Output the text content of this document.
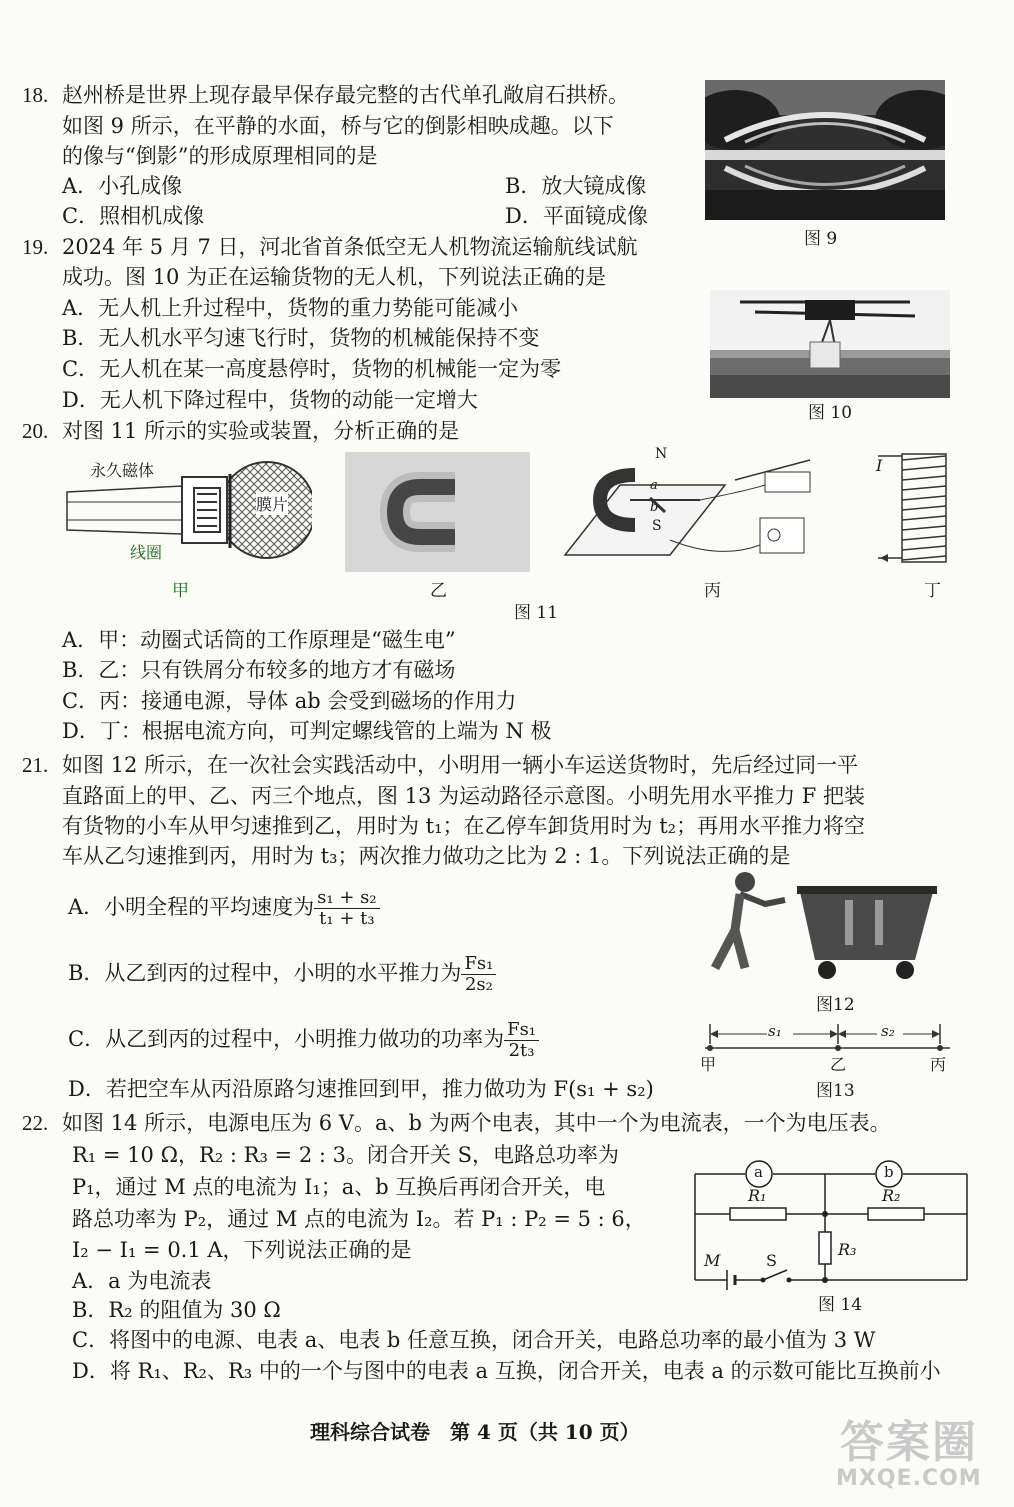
18. 赵州桥是世界上现存最早保存最完整的古代单孔敞肩石拱桥。
如图 9 所示，在平静的水面，桥与它的倒影相映成趣。以下
的像与“倒影”的形成原理相同的是
A．小孔成像	B．放大镜成像
C．照相机成像	D．平面镜成像
图 9
19. 2024 年 5 月 7 日，河北省首条低空无人机物流运输航线试航
成功。图 10 为正在运输货物的无人机，下列说法正确的是
A．无人机上升过程中，货物的重力势能可能减小
B．无人机水平匀速飞行时，货物的机械能保持不变
C．无人机在某一高度悬停时，货物的机械能一定为零
D．无人机下降过程中，货物的动能一定增大
图 10
20. 对图 11 所示的实验或装置，分析正确的是
永久磁体
膜片
线圈
甲	乙
N
a
b
S
丙
I
丁
图 11
A．甲：动圈式话筒的工作原理是“磁生电”
B．乙：只有铁屑分布较多的地方才有磁场
C．丙：接通电源，导体 ab 会受到磁场的作用力
D．丁：根据电流方向，可判定螺线管的上端为 N 极
21. 如图 12 所示，在一次社会实践活动中，小明用一辆小车运送货物时，先后经过同一平
直路面上的甲、乙、丙三个地点，图 13 为运动路径示意图。小明先用水平推力 F 把装
有货物的小车从甲匀速推到乙，用时为 t₁；在乙停车卸货用时为 t₂；再用水平推力将空
车从乙匀速推到丙，用时为 t₃；两次推力做功之比为 2 : 1。下列说法正确的是
A．小明全程的平均速度为 $\frac{\text{s₁ + s₂}}{\text{t₁ + t₃}}$
B．从乙到丙的过程中，小明的水平推力为 $\frac{\text{Fs₁}}{\text{2s₂}}$
C．从乙到丙的过程中，小明推力做功的功率为 $\frac{\text{Fs₁}}{\text{2t₃}}$
D．若把空车从丙沿原路匀速推回到甲，推力做功为 F(s₁ + s₂)
图12
s₁	s₂
甲	乙	丙
图13
22. 如图 14 所示，电源电压为 6 V。a、b 为两个电表，其中一个为电流表，一个为电压表。
R₁ = 10 Ω，R₂ : R₃ = 2 : 3。闭合开关 S，电路总功率为
P₁，通过 M 点的电流为 I₁；a、b 互换后再闭合开关，电
路总功率为 P₂，通过 M 点的电流为 I₂。若 P₁ : P₂ = 5 : 6，
I₂ − I₁ = 0.1 A，下列说法正确的是
A．a 为电流表
B．R₂ 的阻值为 30 Ω
C．将图中的电源、电表 a、电表 b 任意互换，闭合开关，电路总功率的最小值为 3 W
D．将 R₁、R₂、R₃ 中的一个与图中的电表 a 互换，闭合开关，电表 a 的示数可能比互换前小
a	b
R₁	R₂
R₃
M	S
图 14
理科综合试卷　第 4 页（共 10 页）	答案圈
MXQE.COM
